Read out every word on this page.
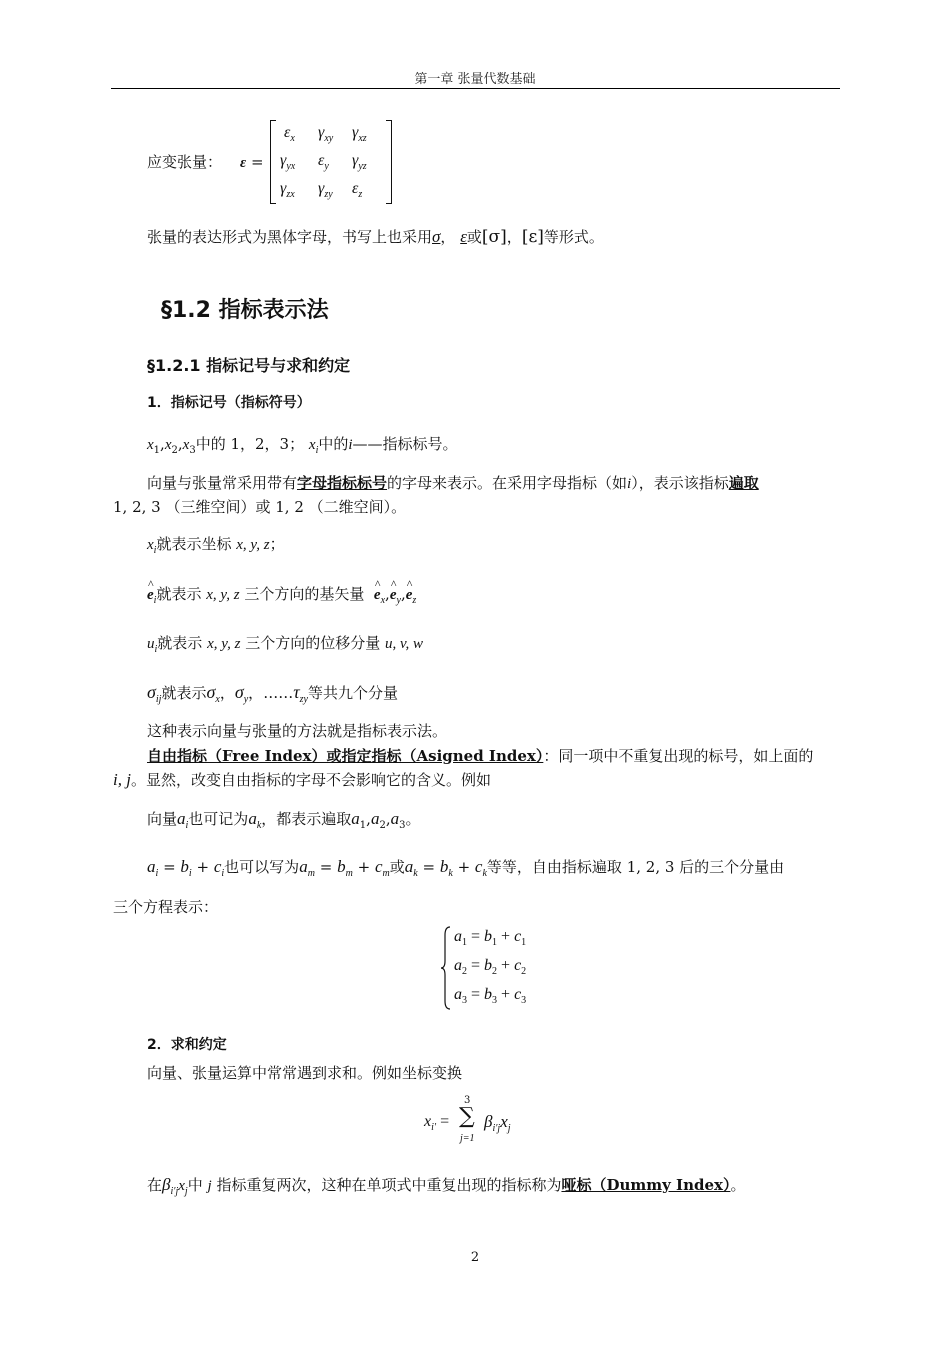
第一章 张量代数基础
应变张量： ε =
$\varepsilon_x$ $\gamma_{xy}$ $\gamma_{xz}$
$\gamma_{yx}$ $\varepsilon_y$ $\gamma_{yz}$
$\gamma_{zx}$ $\gamma_{zy}$ $\varepsilon_z$
张量的表达形式为黑体字母，书写上也采用σ， ε或[σ]，[ε]等形式。
§1.2 指标表示法
§1.2.1 指标记号与求和约定
1．指标记号（指标符号）
$x_1,x_2,x_3$中的 1，2，3； $x_i$中的i——指标标号。
向量与张量常采用带有字母指标标号的字母来表示。在采用字母指标（如i），表示该指标遍取
1, 2, 3 （三维空间）或 1, 2 （二维空间）。
$x_i$就表示坐标 x, y, z；
^ $e_i$就表示 x, y, z 三个方向的基矢量  ^ $e_x,\^{}$ $e_y,\^{}$ $e_z$
$u_i$就表示 x, y, z 三个方向的位移分量 u, v, w
$\sigma_{ij}$就表示$\sigma_x$，$\sigma_y$，$\dots\dots\tau_{zy}$等共九个分量
这种表示向量与张量的方法就是指标表示法。
自由指标（Free Index）或指定指标（Asigned Index）：同一项中不重复出现的标号，如上面的
i, j。显然，改变自由指标的字母不会影响它的含义。例如
向量$a_i$也可记为$a_k$，都表示遍取$a_1,a_2,a_3$。
$a_i = b_i + c_i$也可以写为$a_m = b_m + c_m$或$a_k = b_k + c_k$等等，自由指标遍取 1, 2, 3 后的三个分量由
三个方程表示：
$a_1 = b_1 + c_1$
$a_2 = b_2 + c_2$
$a_3 = b_3 + c_3$
2．求和约定
向量、张量运算中常常遇到求和。例如坐标变换
$x_{i'}$ =
3
∑
j=1
$\beta_{i'j}x_j$
在$\beta_{i'j}x_j$中 j 指标重复两次，这种在单项式中重复出现的指标称为哑标（Dummy Index）。
2
